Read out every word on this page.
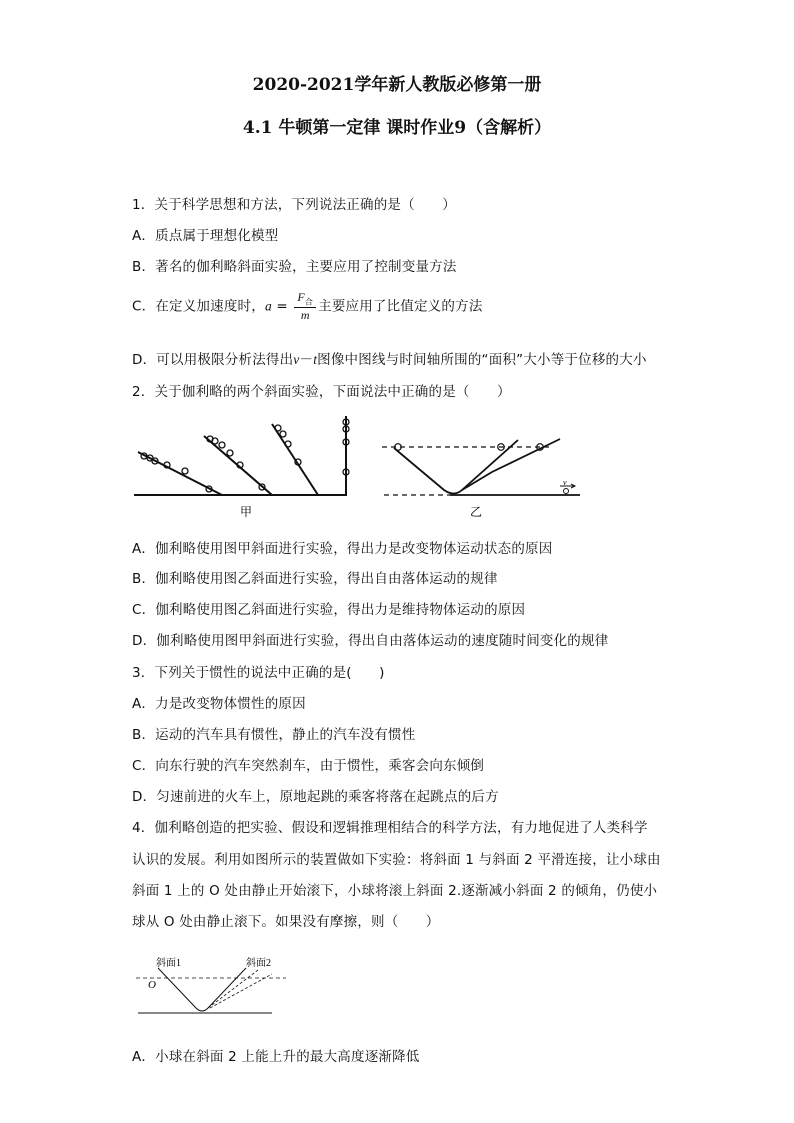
2020-2021学年新人教版必修第一册
4.1 牛顿第一定律 课时作业9（含解析）
1．关于科学思想和方法，下列说法正确的是（　　）
A．质点属于理想化模型
B．著名的伽利略斜面实验，主要应用了控制变量方法
C．在定义加速度时，$a = \frac{F_合}{m}$ 主要应用了比值定义的方法
D．可以用极限分析法得出v－t图像中图线与时间轴所围的“面积”大小等于位移的大小
2．关于伽利略的两个斜面实验，下面说法中正确的是（　　）
甲
v
乙
A．伽利略使用图甲斜面进行实验，得出力是改变物体运动状态的原因
B．伽利略使用图乙斜面进行实验，得出自由落体运动的规律
C．伽利略使用图乙斜面进行实验，得出力是维持物体运动的原因
D．伽利略使用图甲斜面进行实验，得出自由落体运动的速度随时间变化的规律
3．下列关于惯性的说法中正确的是(　　)
A．力是改变物体惯性的原因
B．运动的汽车具有惯性，静止的汽车没有惯性
C．向东行驶的汽车突然刹车，由于惯性，乘客会向东倾倒
D．匀速前进的火车上，原地起跳的乘客将落在起跳点的后方
4．伽利略创造的把实验、假设和逻辑推理相结合的科学方法，有力地促进了人类科学
认识的发展。利用如图所示的装置做如下实验：将斜面 1 与斜面 2 平滑连接，让小球由
斜面 1 上的 O 处由静止开始滚下，小球将滚上斜面 2.逐渐减小斜面 2 的倾角，仍使小
球从 O 处由静止滚下。如果没有摩擦，则（　　）
斜面1	斜面2
O
A．小球在斜面 2 上能上升的最大高度逐渐降低
